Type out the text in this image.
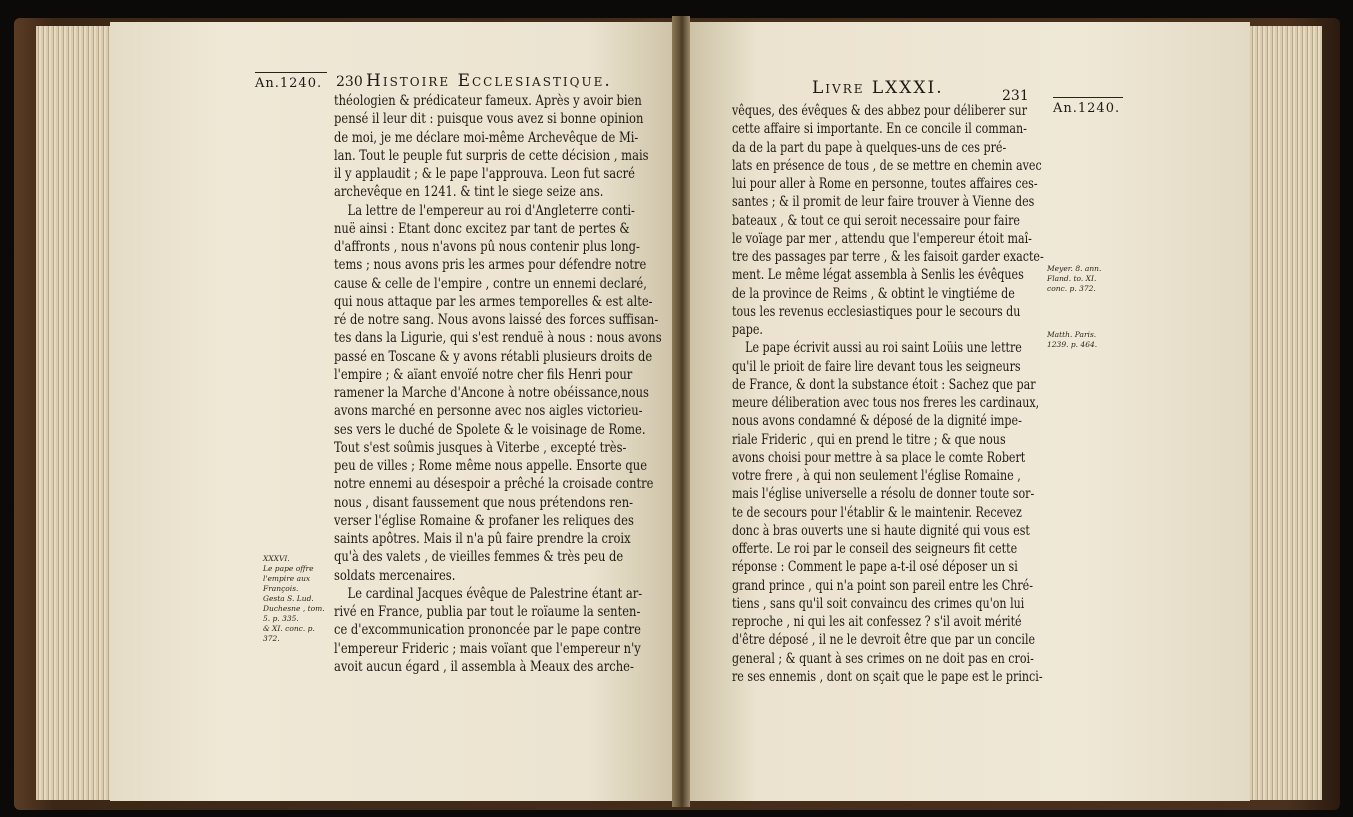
An.1240. 230 Histoire Ecclesiastique.
théologien & prédicateur fameux. Après y avoir bien
pensé il leur dit : puisque vous avez si bonne opinion
de moi, je me déclare moi-même Archevêque de Mi-
lan. Tout le peuple fut surpris de cette décision , mais
il y applaudit ; & le pape l'approuva. Leon fut sacré
archevêque en 1241. & tint le siege seize ans.
La lettre de l'empereur au roi d'Angleterre conti-
nuë ainsi : Etant donc excitez par tant de pertes &
d'affronts , nous n'avons pû nous contenir plus long-
tems ; nous avons pris les armes pour défendre notre
cause & celle de l'empire , contre un ennemi declaré,
qui nous attaque par les armes temporelles & est alte-
ré de notre sang. Nous avons laissé des forces suffisan-
tes dans la Ligurie, qui s'est renduë à nous : nous avons
passé en Toscane & y avons rétabli plusieurs droits de
l'empire ; & aïant envoïé notre cher fils Henri pour
ramener la Marche d'Ancone à notre obéissance,nous
avons marché en personne avec nos aigles victorieu-
ses vers le duché de Spolete & le voisinage de Rome.
Tout s'est soûmis jusques à Viterbe , excepté très-
peu de villes ; Rome même nous appelle. Ensorte que
notre ennemi au désespoir a prêché la croisade contre
nous , disant faussement que nous prétendons ren-
verser l'église Romaine & profaner les reliques des
saints apôtres. Mais il n'a pû faire prendre la croix
qu'à des valets , de vieilles femmes & très peu de
soldats mercenaires.
Le cardinal Jacques évêque de Palestrine étant ar-
rivé en France, publia par tout le roïaume la senten-
ce d'excommunication prononcée par le pape contre
l'empereur Frideric ; mais voïant que l'empereur n'y
avoit aucun égard , il assembla à Meaux des arche-
XXXVI.
Le pape offre
l'empire aux
François.
Gesta S. Lud.
Duchesne , tom.
5. p. 335.
& XI. conc. p.
372.
Livre LXXXI.	231
An.1240.
vêques, des évêques & des abbez pour déliberer sur
cette affaire si importante. En ce concile il comman-
da de la part du pape à quelques-uns de ces pré-
lats en présence de tous , de se mettre en chemin avec
lui pour aller à Rome en personne, toutes affaires ces-
santes ; & il promit de leur faire trouver à Vienne des
bateaux , & tout ce qui seroit necessaire pour faire
le voïage par mer , attendu que l'empereur étoit maî-
tre des passages par terre , & les faisoit garder exacte-
ment. Le même légat assembla à Senlis les évêques
de la province de Reims , & obtint le vingtiéme de
tous les revenus ecclesiastiques pour le secours du
pape.
Le pape écrivit aussi au roi saint Loüis une lettre
qu'il le prioit de faire lire devant tous les seigneurs
de France, & dont la substance étoit : Sachez que par
meure déliberation avec tous nos freres les cardinaux,
nous avons condamné & déposé de la dignité impe-
riale Frideric , qui en prend le titre ; & que nous
avons choisi pour mettre à sa place le comte Robert
votre frere , à qui non seulement l'église Romaine ,
mais l'église universelle a résolu de donner toute sor-
te de secours pour l'établir & le maintenir. Recevez
donc à bras ouverts une si haute dignité qui vous est
offerte. Le roi par le conseil des seigneurs fit cette
réponse : Comment le pape a-t-il osé déposer un si
grand prince , qui n'a point son pareil entre les Chré-
tiens , sans qu'il soit convaincu des crimes qu'on lui
reproche , ni qui les ait confessez ? s'il avoit mérité
d'être déposé , il ne le devroit être que par un concile
general ; & quant à ses crimes on ne doit pas en croi-
re ses ennemis , dont on sçait que le pape est le princi-
Meyer. 8. ann.
Fland. to. XI.
conc. p. 372.
Matth. Paris.
1239. p. 464.
